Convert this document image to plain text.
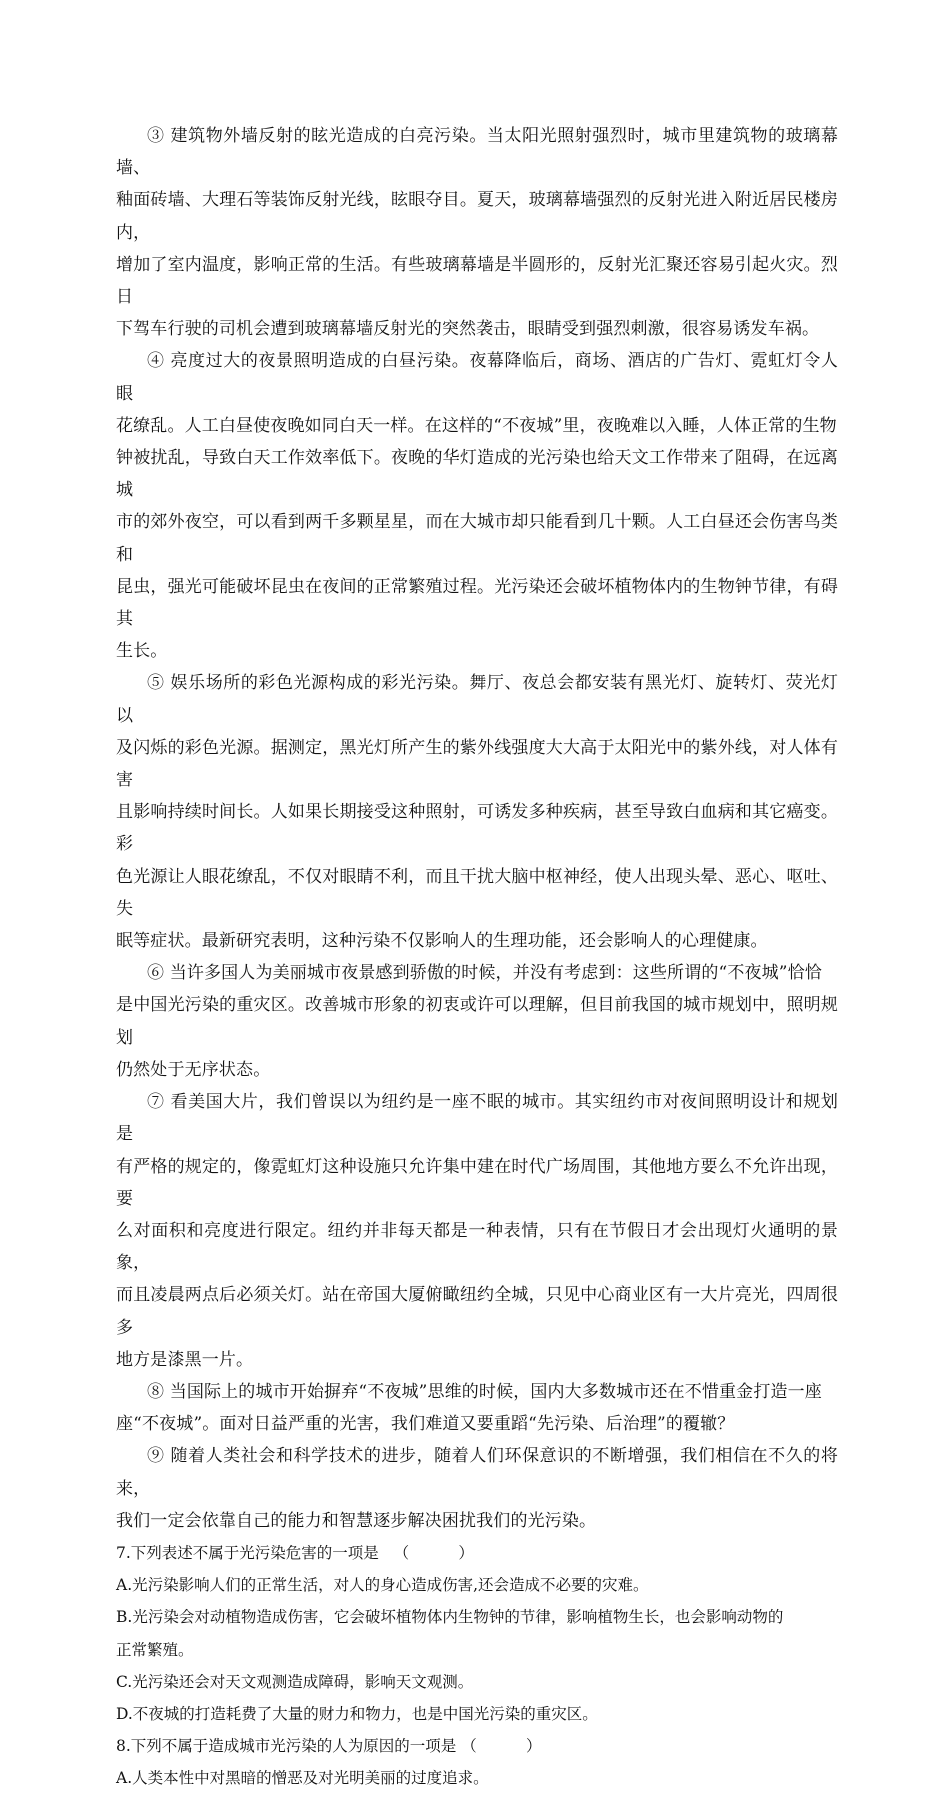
③ 建筑物外墙反射的眩光造成的白亮污染。当太阳光照射强烈时，城市里建筑物的玻璃幕墙、
釉面砖墙、大理石等装饰反射光线，眩眼夺目。夏天，玻璃幕墙强烈的反射光进入附近居民楼房内，
增加了室内温度，影响正常的生活。有些玻璃幕墙是半圆形的，反射光汇聚还容易引起火灾。烈日
下驾车行驶的司机会遭到玻璃幕墙反射光的突然袭击，眼睛受到强烈刺激，很容易诱发车祸。

④ 亮度过大的夜景照明造成的白昼污染。夜幕降临后，商场、酒店的广告灯、霓虹灯令人眼
花缭乱。人工白昼使夜晚如同白天一样。在这样的“不夜城”里，夜晚难以入睡，人体正常的生物
钟被扰乱，导致白天工作效率低下。夜晚的华灯造成的光污染也给天文工作带来了阻碍，在远离城
市的郊外夜空，可以看到两千多颗星星，而在大城市却只能看到几十颗。人工白昼还会伤害鸟类和
昆虫，强光可能破坏昆虫在夜间的正常繁殖过程。光污染还会破坏植物体内的生物钟节律，有碍其
生长。

⑤ 娱乐场所的彩色光源构成的彩光污染。舞厅、夜总会都安装有黑光灯、旋转灯、荧光灯以
及闪烁的彩色光源。据测定，黑光灯所产生的紫外线强度大大高于太阳光中的紫外线，对人体有害
且影响持续时间长。人如果长期接受这种照射，可诱发多种疾病，甚至导致白血病和其它癌变。彩
色光源让人眼花缭乱，不仅对眼睛不利，而且干扰大脑中枢神经，使人出现头晕、恶心、呕吐、失
眠等症状。最新研究表明，这种污染不仅影响人的生理功能，还会影响人的心理健康。

⑥ 当许多国人为美丽城市夜景感到骄傲的时候，并没有考虑到：这些所谓的“不夜城”恰恰
是中国光污染的重灾区。改善城市形象的初衷或许可以理解，但目前我国的城市规划中，照明规划
仍然处于无序状态。

⑦ 看美国大片，我们曾误以为纽约是一座不眠的城市。其实纽约市对夜间照明设计和规划是
有严格的规定的，像霓虹灯这种设施只允许集中建在时代广场周围，其他地方要么不允许出现，要
么对面积和亮度进行限定。纽约并非每天都是一种表情，只有在节假日才会出现灯火通明的景象，
而且凌晨两点后必须关灯。站在帝国大厦俯瞰纽约全城，只见中心商业区有一大片亮光，四周很多
地方是漆黑一片。

⑧ 当国际上的城市开始摒弃“不夜城”思维的时候，国内大多数城市还在不惜重金打造一座
座“不夜城”。面对日益严重的光害，我们难道又要重蹈“先污染、后治理”的覆辙？

⑨ 随着人类社会和科学技术的进步，随着人们环保意识的不断增强，我们相信在不久的将来，
我们一定会依靠自己的能力和智慧逐步解决困扰我们的光污染。

7.下列表述不属于光污染危害的一项是   （          ）

A.光污染影响人们的正常生活，对人的身心造成伤害,还会造成不必要的灾难。

B.光污染会对动植物造成伤害，它会破坏植物体内生物钟的节律，影响植物生长，也会影响动物的
正常繁殖。

C.光污染还会对天文观测造成障碍，影响天文观测。

D.不夜城的打造耗费了大量的财力和物力，也是中国光污染的重灾区。

8.下列不属于造成城市光污染的人为原因的一项是 （          ）

A.人类本性中对黑暗的憎恶及对光明美丽的过度追求。
